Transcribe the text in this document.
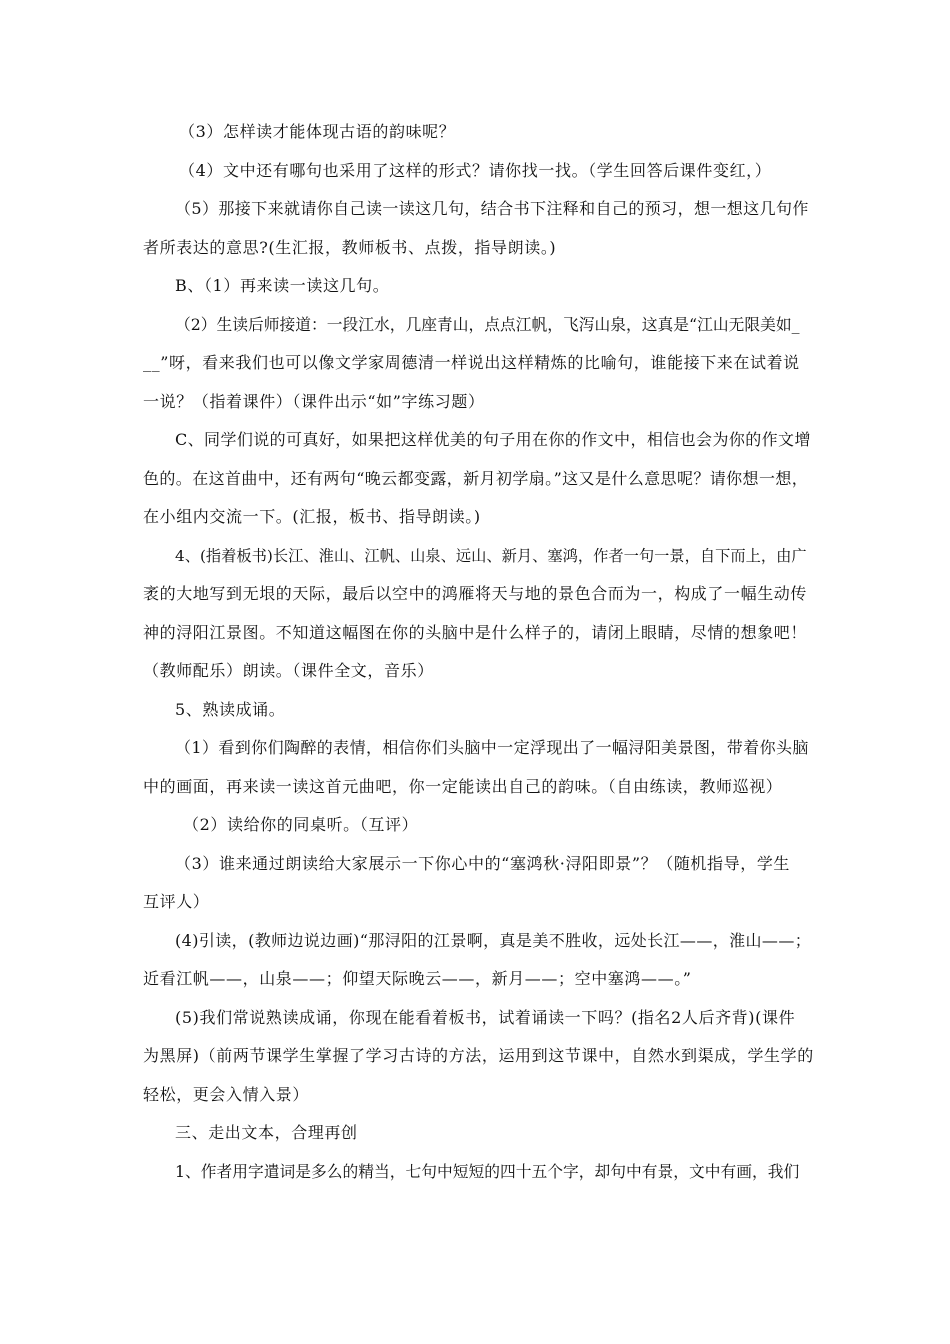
（3）怎样读才能体现古语的韵味呢？
（4）文中还有哪句也采用了这样的形式？请你找一找。（学生回答后课件变红，）
（5）那接下来就请你自己读一读这几句，结合书下注释和自己的预习，想一想这几句作
者所表达的意思?(生汇报，教师板书、点拨，指导朗读。)
B、（1）再来读一读这几句。
（2）生读后师接道：一段江水，几座青山，点点江帆，飞泻山泉，这真是“江山无限美如_
__”呀，看来我们也可以像文学家周德清一样说出这样精炼的比喻句，谁能接下来在试着说
一说？（指着课件）（课件出示“如”字练习题）
C、同学们说的可真好，如果把这样优美的句子用在你的作文中，相信也会为你的作文增
色的。在这首曲中，还有两句“晚云都变露，新月初学扇。”这又是什么意思呢？请你想一想，
在小组内交流一下。(汇报，板书、指导朗读。)
4、(指着板书)长江、淮山、江帆、山泉、远山、新月、塞鸿，作者一句一景，自下而上，由广
袤的大地写到无垠的天际，最后以空中的鸿雁将天与地的景色合而为一，构成了一幅生动传
神的浔阳江景图。不知道这幅图在你的头脑中是什么样子的，请闭上眼睛，尽情的想象吧！
（教师配乐）朗读。（课件全文，音乐）
5、熟读成诵。
（1）看到你们陶醉的表情，相信你们头脑中一定浮现出了一幅浔阳美景图，带着你头脑
中的画面，再来读一读这首元曲吧，你一定能读出自己的韵味。（自由练读，教师巡视）
（2）读给你的同桌听。（互评）
（3）谁来通过朗读给大家展示一下你心中的“塞鸿秋·浔阳即景”？（随机指导，学生
互评人）
(4)引读，(教师边说边画)“那浔阳的江景啊，真是美不胜收，远处长江——，淮山——；
近看江帆——，山泉——；仰望天际晚云——，新月——；空中塞鸿——。”
(5)我们常说熟读成诵，你现在能看着板书，试着诵读一下吗？(指名2人后齐背)(课件
为黑屏)（前两节课学生掌握了学习古诗的方法，运用到这节课中，自然水到渠成，学生学的
轻松，更会入情入景）
三、走出文本，合理再创
1、作者用字遣词是多么的精当，七句中短短的四十五个字，却句中有景，文中有画，我们
